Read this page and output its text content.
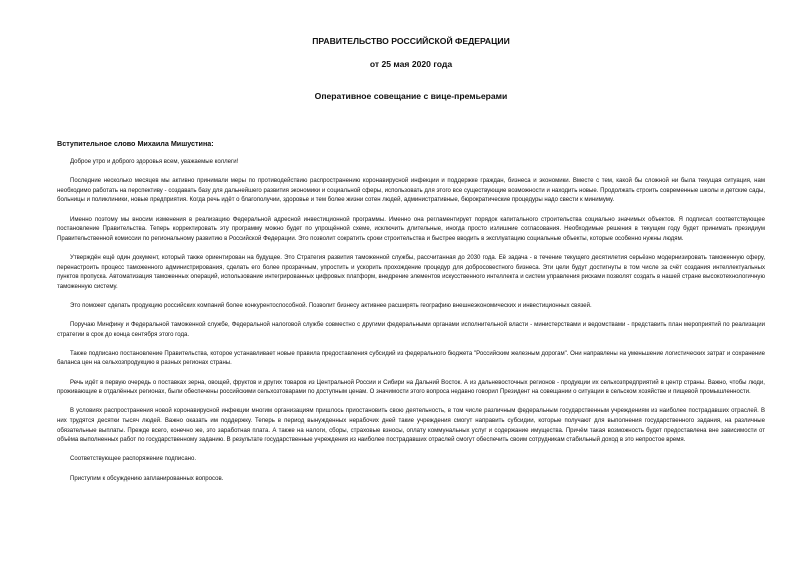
ПРАВИТЕЛЬСТВО РОССИЙСКОЙ ФЕДЕРАЦИИ
от 25 мая 2020 года
Оперативное совещание с вице-премьерами
Вступительное слово Михаила Мишустина:

Доброе утро и доброго здоровья всем, уважаемые коллеги!

Последние несколько месяцев мы активно принимали меры по противодействию распространению коронавирусной инфекции и поддержке граждан, бизнеса и экономики. Вместе с тем, какой бы сложной ни была текущая ситуация, нам необходимо работать на перспективу - создавать базу для дальнейшего развития экономики и социальной сферы, использовать для этого все существующие возможности и находить новые. Продолжать строить современные школы и детские сады, больницы и поликлиники, новые предприятия. Когда речь идёт о благополучии, здоровье и тем более жизни сотен людей, административные, бюрократические процедуры надо свести к минимуму.

Именно поэтому мы вносим изменения в реализацию Федеральной адресной инвестиционной программы. Именно она регламентирует порядок капитального строительства социально значимых объектов. Я подписал соответствующее постановление Правительства. Теперь корректировать эту программу можно будет по упрощённой схеме, исключить длительные, иногда просто излишние согласования. Необходимые решения в текущем году будет принимать президиум Правительственной комиссии по региональному развитию в Российской Федерации. Это позволит сократить сроки строительства и быстрее вводить в эксплуатацию социальные объекты, которые особенно нужны людям.

Утверждён ещё один документ, который также ориентирован на будущее. Это Стратегия развития таможенной службы, рассчитанная до 2030 года. Её задача - в течение текущего десятилетия серьёзно модернизировать таможенную сферу, перенастроить процесс таможенного администрирования, сделать его более прозрачным, упростить и ускорить прохождение процедур для добросовестного бизнеса. Эти цели будут достигнуты в том числе за счёт создания интеллектуальных пунктов пропуска. Автоматизация таможенных операций, использование интегрированных цифровых платформ, внедрение элементов искусственного интеллекта и систем управления рисками позволят создать в нашей стране высокотехнологичную таможенную систему.

Это поможет сделать продукцию российских компаний более конкурентоспособной. Позволит бизнесу активнее расширять географию внешнеэкономических и инвестиционных связей.

Поручаю Минфину и Федеральной таможенной службе, Федеральной налоговой службе совместно с другими федеральными органами исполнительной власти - министерствами и ведомствами - представить план мероприятий по реализации стратегии в срок до конца сентября этого года.

Также подписано постановление Правительства, которое устанавливает новые правила предоставления субсидий из федерального бюджета "Российским железным дорогам". Они направлены на уменьшение логистических затрат и сохранение баланса цен на сельхозпродукцию в разных регионах страны.

Речь идёт в первую очередь о поставках зерна, овощей, фруктов и других товаров из Центральной России и Сибири на Дальний Восток. А из дальневосточных регионов - продукции их сельхозпредприятий в центр страны. Важно, чтобы люди, проживающие в отдалённых регионах, были обеспечены российскими сельхозтоварами по доступным ценам. О значимости этого вопроса недавно говорил Президент на совещании о ситуации в сельском хозяйстве и пищевой промышленности.

В условиях распространения новой коронавирусной инфекции многим организациям пришлось приостановить свою деятельность, в том числе различным федеральным государственным учреждениям из наиболее пострадавших отраслей. В них трудятся десятки тысяч людей. Важно оказать им поддержку. Теперь в период вынужденных нерабочих дней такие учреждения смогут направить субсидии, которые получают для выполнения государственного задания, на различные обязательные выплаты. Прежде всего, конечно же, это заработная плата. А также на налоги, сборы, страховые взносы, оплату коммунальных услуг и содержание имущества. Причём такая возможность будет предоставлена вне зависимости от объёма выполненных работ по государственному заданию. В результате государственные учреждения из наиболее пострадавших отраслей смогут обеспечить своим сотрудникам стабильный доход в это непростое время.

Соответствующее распоряжение подписано.

Приступим к обсуждению запланированных вопросов.
